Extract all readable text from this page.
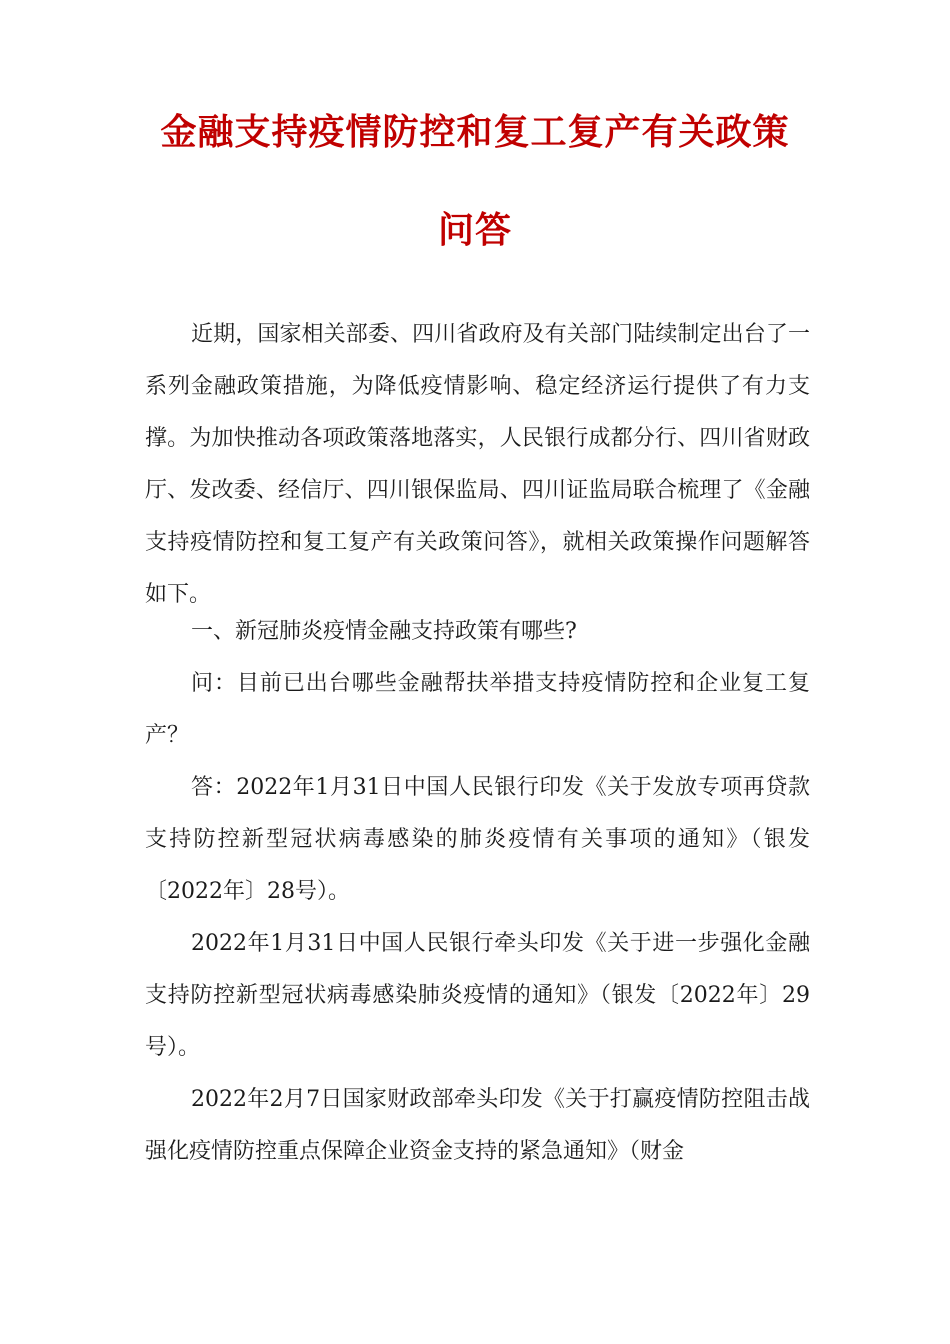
金融支持疫情防控和复工复产有关政策
问答

近期，国家相关部委、四川省政府及有关部门陆续制定出台了一系列金融政策措施，为降低疫情影响、稳定经济运行提供了有力支撑。为加快推动各项政策落地落实，人民银行成都分行、四川省财政厅、发改委、经信厅、四川银保监局、四川证监局联合梳理了《金融支持疫情防控和复工复产有关政策问答》，就相关政策操作问题解答如下。

一、新冠肺炎疫情金融支持政策有哪些?

问：目前已出台哪些金融帮扶举措支持疫情防控和企业复工复产？

答：2022年1月31日中国人民银行印发《关于发放专项再贷款支持防控新型冠状病毒感染的肺炎疫情有关事项的通知》（银发〔2022年〕28号）。

2022年1月31日中国人民银行牵头印发《关于进一步强化金融支持防控新型冠状病毒感染肺炎疫情的通知》（银发〔2022年〕29号）。

2022年2月7日国家财政部牵头印发《关于打赢疫情防控阻击战强化疫情防控重点保障企业资金支持的紧急通知》（财金
